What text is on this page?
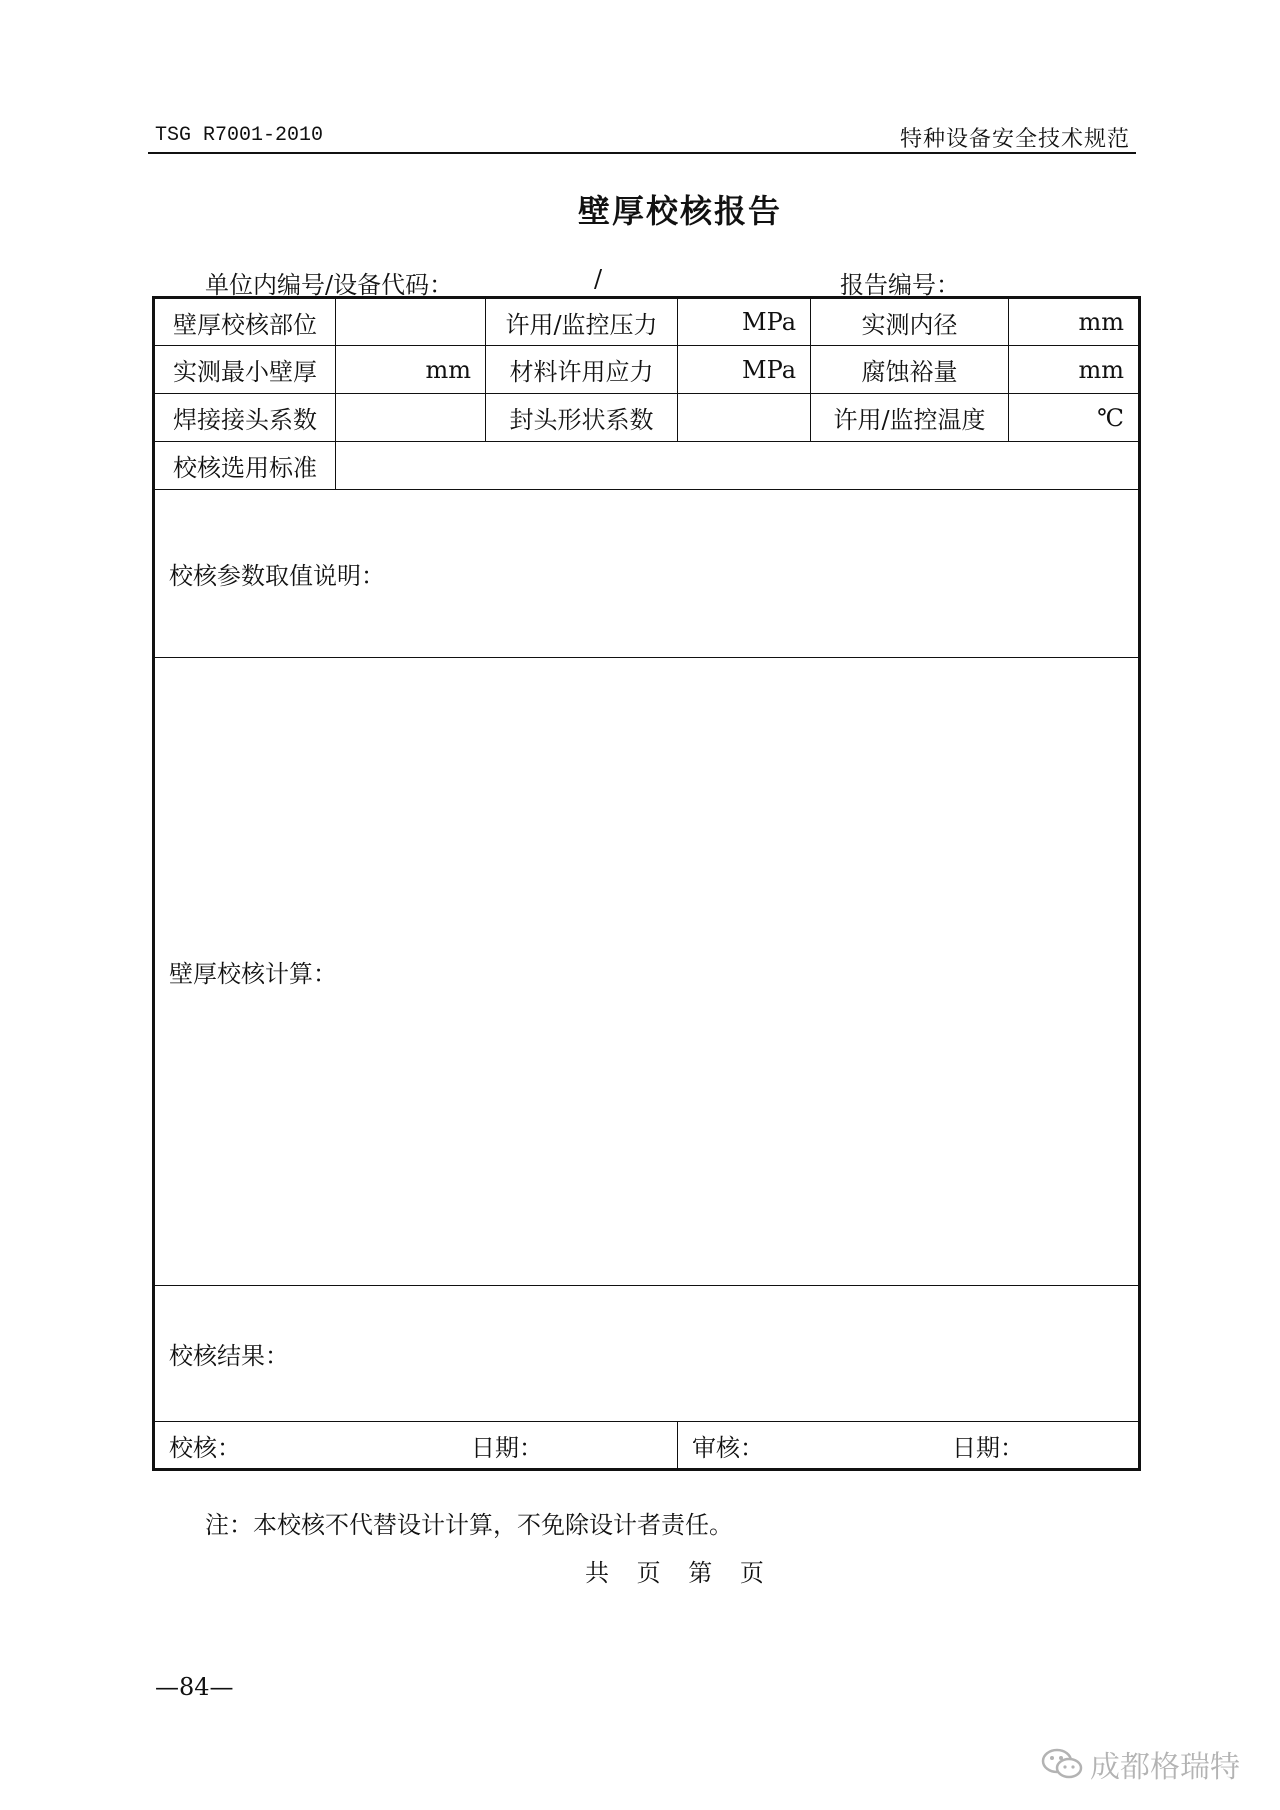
TSG R7001-2010	特种设备安全技术规范
壁厚校核报告
单位内编号/设备代码：	/	报告编号：
壁厚校核部位		许用/监控压力	MPa	实测内径	mm
实测最小壁厚	mm	材料许用应力	MPa	腐蚀裕量	mm
焊接接头系数		封头形状系数		许用/监控温度	℃
校核选用标准					
校核参数取值说明：					
壁厚校核计算：					
校核结果：					

校核： 日期：			审核： 日期：		
注：本校核不代替设计计算，不免除设计者责任。
共 页 第 页
—84—
成都格瑞特
